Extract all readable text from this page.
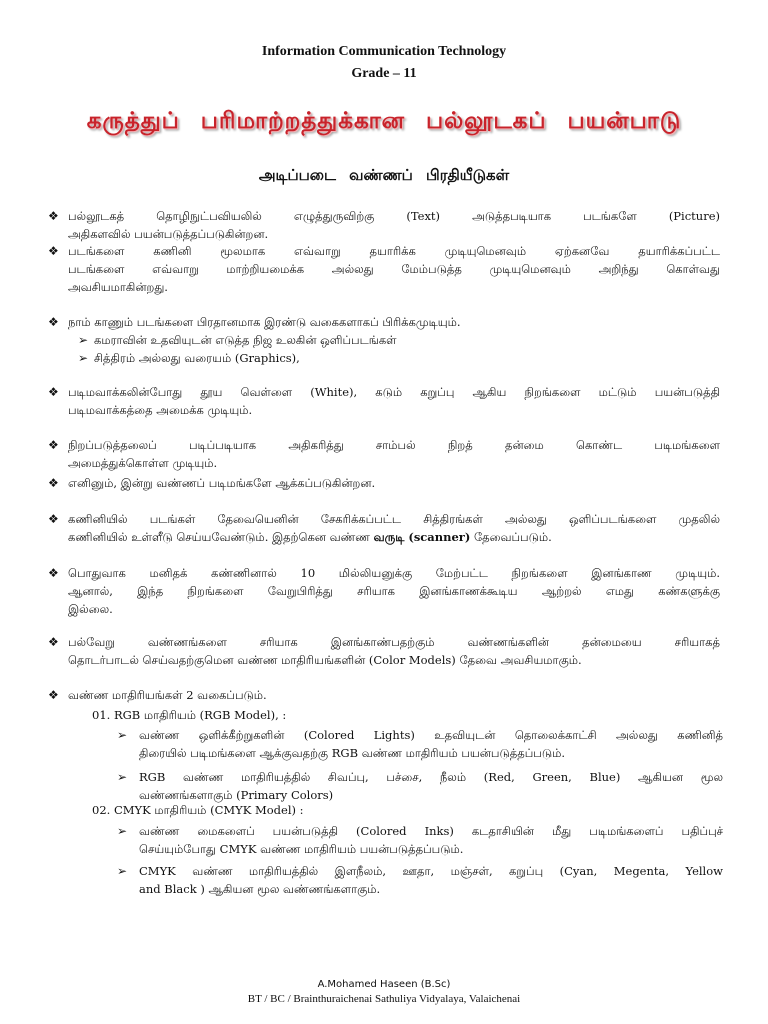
Information Communication Technology
Grade – 11
கருத்துப் பரிமாற்றத்துக்கான பல்லூடகப் பயன்பாடு
அடிப்படை வண்ணப் பிரதியீடுகள்
❖ பல்லூடகத் தொழிநுட்பவியலில் எழுத்துருவிற்கு (Text) அடுத்தபடியாக படங்களே (Picture)
அதிகளவில் பயன்படுத்தப்படுகின்றன.
❖ படங்களை கணினி மூலமாக எவ்வாறு தயாரிக்க முடியுமெனவும் ஏற்கனவே தயாரிக்கப்பட்ட
படங்களை எவ்வாறு மாற்றியமைக்க அல்லது மேம்படுத்த முடியுமெனவும் அறிந்து கொள்வது
அவசியமாகின்றது.
❖ நாம் காணும் படங்களை பிரதானமாக இரண்டு வகைகளாகப் பிரிக்கமுடியும்.
➢ கமராவின் உதவியுடன் எடுத்த நிஜ உலகின் ஒளிப்படங்கள்
➢ சித்திரம் அல்லது வரையம் (Graphics),
❖ படிமவாக்கலின்போது தூய வெள்ளை (White), கடும் கறுப்பு ஆகிய நிறங்களை மட்டும் பயன்படுத்தி
படிமவாக்கத்தை அமைக்க முடியும்.
❖ நிறப்படுத்தலைப் படிப்படியாக அதிகரித்து சாம்பல் நிறத் தன்மை கொண்ட படிமங்களை
அமைத்துக்கொள்ள முடியும்.
❖ எனினும், இன்று வண்ணப் படிமங்களே ஆக்கப்படுகின்றன.
❖ கணினியில் படங்கள் தேவையெனின் சேகரிக்கப்பட்ட சித்திரங்கள் அல்லது ஒளிப்படங்களை முதலில்
கணினியில் உள்ளீடு செய்யவேண்டும். இதற்கென வண்ண வருடி (scanner) தேவைப்படும்.
❖ பொதுவாக மனிதக் கண்ணினால் 10 மில்லியனுக்கு மேற்பட்ட நிறங்களை இனங்காண முடியும்.
ஆனால், இந்த நிறங்களை வேறுபிரித்து சரியாக இனங்காணக்கூடிய ஆற்றல் எமது கண்களுக்கு
இல்லை.
❖ பல்வேறு வண்ணங்களை சரியாக இனங்காண்பதற்கும் வண்ணங்களின் தன்மையை சரியாகத்
தொடர்பாடல் செய்வதற்குமென வண்ண மாதிரியங்களின் (Color Models) தேவை அவசியமாகும்.
❖ வண்ண மாதிரியங்கள் 2 வகைப்படும்.
01. RGB மாதிரியம் (RGB Model), :
➢ வண்ண ஒளிக்கீற்றுகளின் (Colored Lights) உதவியுடன் தொலைக்காட்சி அல்லது கணினித்
திரையில் படிமங்களை ஆக்குவதற்கு RGB வண்ண மாதிரியம் பயன்படுத்தப்படும்.
➢ RGB வண்ண மாதிரியத்தில் சிவப்பு, பச்சை, நீலம் (Red, Green, Blue) ஆகியன மூல
வண்ணங்களாகும் (Primary Colors)
02. CMYK மாதிரியம் (CMYK Model) :
➢ வண்ண மைகளைப் பயன்படுத்தி (Colored Inks) கடதாசியின் மீது படிமங்களைப் பதிப்புச்
செய்யும்போது CMYK வண்ண மாதிரியம் பயன்படுத்தப்படும்.
➢ CMYK வண்ண மாதிரியத்தில் இளநீலம், ஊதா, மஞ்சள், கறுப்பு (Cyan, Megenta, Yellow
and Black ) ஆகியன மூல வண்ணங்களாகும்.
A.Mohamed Haseen (B.Sc)
BT / BC / Brainthuraichenai Sathuliya Vidyalaya, Valaichenai
